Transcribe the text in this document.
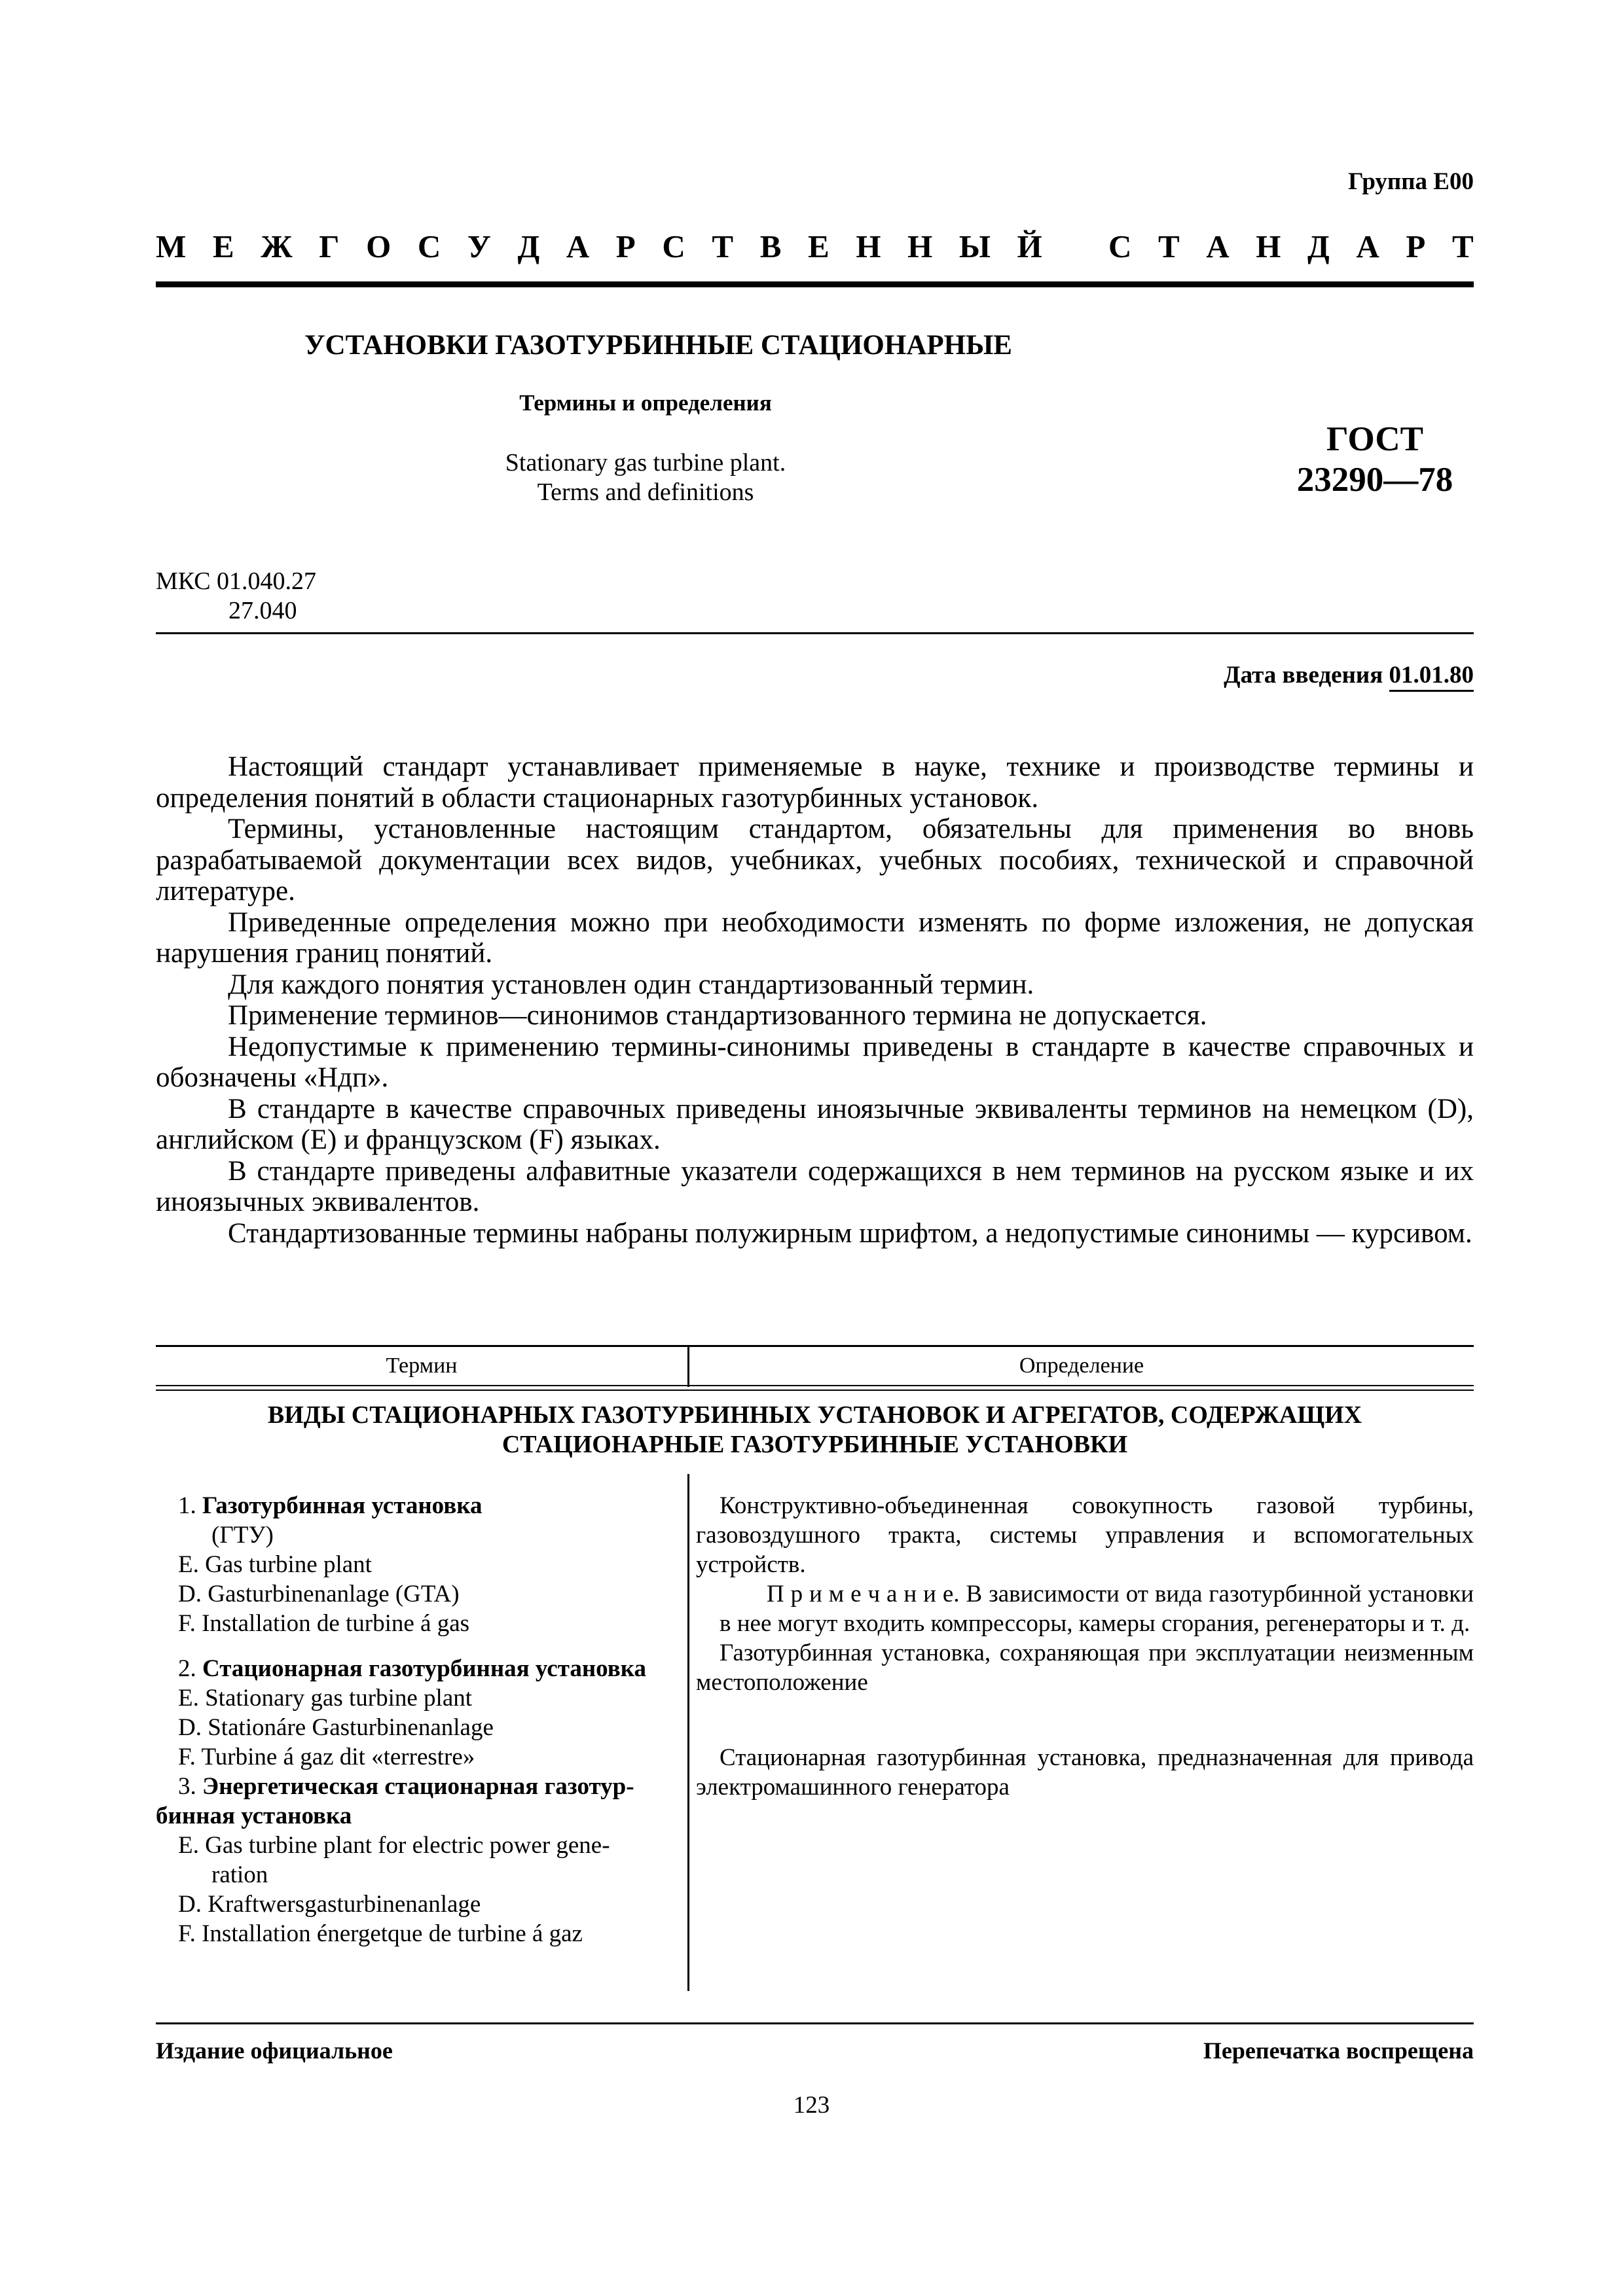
Группа Е00
М Е Ж Г О С У Д А Р С Т В Е Н Н Ы Й С Т А Н Д А Р Т
УСТАНОВКИ ГАЗОТУРБИННЫЕ СТАЦИОНАРНЫЕ
Термины и определения
Stationary gas turbine plant.
Terms and definitions
ГОСТ
23290—78
МКС 01.040.27
27.040
Дата введения 01.01.80

Настоящий стандарт устанавливает применяемые в науке, технике и производстве термины и определения понятий в области стационарных газотурбинных установок.

Термины, установленные настоящим стандартом, обязательны для применения во вновь разрабатываемой документации всех видов, учебниках, учебных пособиях, технической и справочной литературе.

Приведенные определения можно при необходимости изменять по форме изложения, не допуская нарушения границ понятий.

Для каждого понятия установлен один стандартизованный термин.

Применение терминов—синонимов стандартизованного термина не допускается.

Недопустимые к применению термины-синонимы приведены в стандарте в качестве справочных и обозначены «Ндп».

В стандарте в качестве справочных приведены иноязычные эквиваленты терминов на немецком (D), английском (E) и французском (F) языках.

В стандарте приведены алфавитные указатели содержащихся в нем терминов на русском языке и их иноязычных эквивалентов.

Стандартизованные термины набраны полужирным шрифтом, а недопустимые синонимы — курсивом.

Термин	Определение
ВИДЫ СТАЦИОНАРНЫХ ГАЗОТУРБИННЫХ УСТАНОВОК И АГРЕГАТОВ, СОДЕРЖАЩИХ
СТАЦИОНАРНЫЕ ГАЗОТУРБИННЫЕ УСТАНОВКИ
1. Газотурбинная установка
(ГТУ)
E. Gas turbine plant
D. Gasturbinenanlage (GTA)
F. Installation de turbine á gas
2. Стационарная газотурбинная установка
E. Stationary gas turbine plant
D. Stationáre Gasturbinenanlage
F. Turbine á gaz dit «terrestre»
3. Энергетическая стационарная газотур-
бинная установка
E. Gas turbine plant for electric power gene-
ration
D. Kraftwersgasturbinenanlage
F. Installation énergetque de turbine á gaz
Конструктивно-объединенная совокупность газовой турбины, газовоздушного тракта, системы управления и вспомогательных устройств.
П р и м е ч а н и е. В зависимости от вида газотурбинной установки в нее могут входить компрессоры, камеры сгорания, регенераторы и т. д.
Газотурбинная установка, сохраняющая при эксплуатации неизменным местоположение
Стационарная газотурбинная установка, предназначенная для привода электромашинного генератора
Издание официальное	Перепечатка воспрещена
123
